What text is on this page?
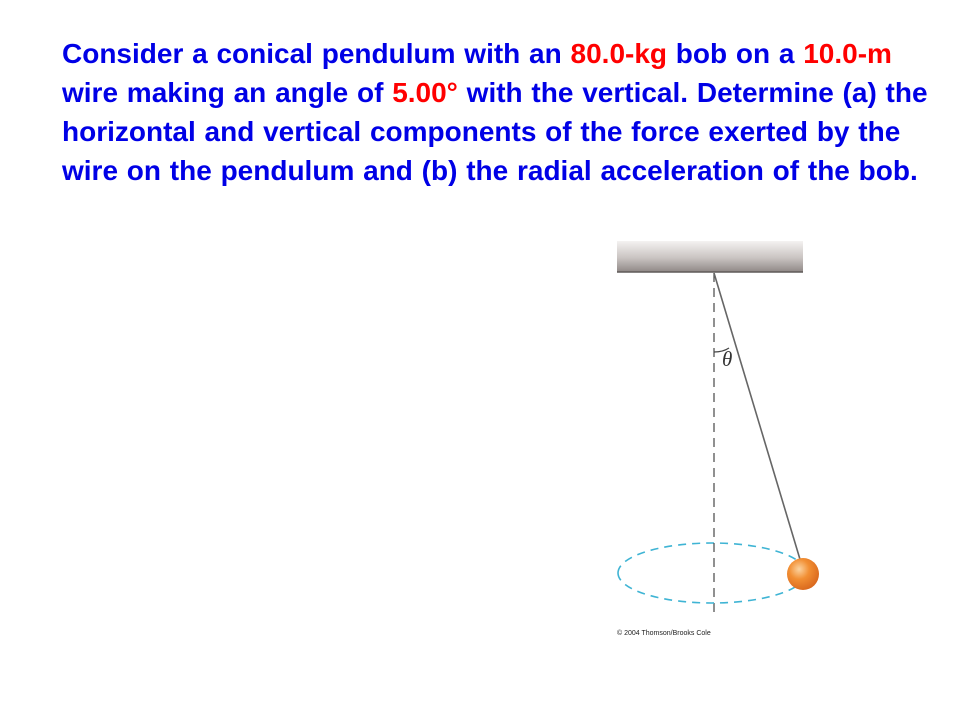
Consider a conical pendulum with an 80.0-kg bob on a 10.0-m wire making an angle of 5.00° with the vertical. Determine (a) the horizontal and vertical components of the force exerted by the wire on the pendulum and (b) the radial acceleration of the bob.

θ
© 2004 Thomson/Brooks Cole
